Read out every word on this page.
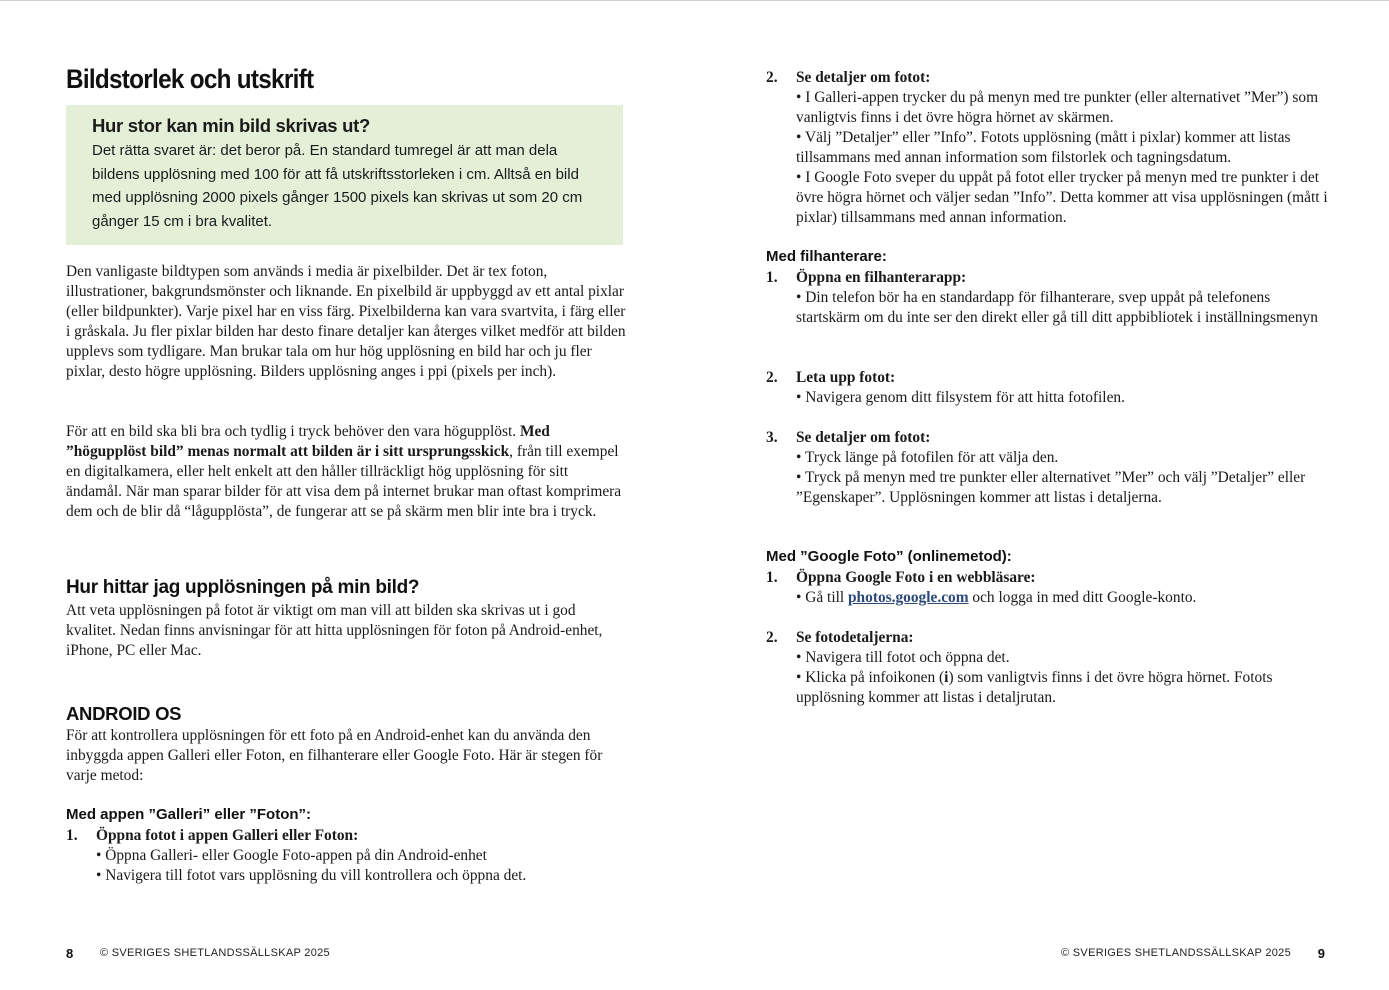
Bildstorlek och utskrift

Hur stor kan min bild skrivas ut?

Det rätta svaret är: det beror på. En standard tumregel är att man dela bildens upplösning med 100 för att få utskriftsstorleken i cm. Alltså en bild med upplösning 2000 pixels gånger 1500 pixels kan skrivas ut som 20 cm gånger 15 cm i bra kvalitet.

Den vanligaste bildtypen som används i media är pixelbilder. Det är tex foton, illustrationer, bakgrundsmönster och liknande. En pixelbild är uppbyggd av ett antal pixlar (eller bildpunkter). Varje pixel har en viss färg. Pixelbilderna kan vara svartvita, i färg eller i gråskala. Ju fler pixlar bilden har desto finare detaljer kan återges vilket medför att bilden upplevs som tydligare. Man brukar tala om hur hög upplösning en bild har och ju fler pixlar, desto högre upplösning. Bilders upplösning anges i ppi (pixels per inch).

För att en bild ska bli bra och tydlig i tryck behöver den vara högupplöst. Med ”högupplöst bild” menas normalt att bilden är i sitt ursprungsskick, från till exempel en digitalkamera, eller helt enkelt att den håller tillräckligt hög upplösning för sitt ändamål. När man sparar bilder för att visa dem på internet brukar man oftast komprimera dem och de blir då “lågupplösta”, de fungerar att se på skärm men blir inte bra i tryck.

Hur hittar jag upplösningen på min bild?

Att veta upplösningen på fotot är viktigt om man vill att bilden ska skrivas ut i god kvalitet. Nedan finns anvisningar för att hitta upplösningen för foton på Android-enhet, iPhone, PC eller Mac.

ANDROID OS

För att kontrollera upplösningen för ett foto på en Android-enhet kan du använda den inbyggda appen Galleri eller Foton, en filhanterare eller Google Foto. Här är stegen för varje metod:

Med appen ”Galleri” eller ”Foton”:

1.	Öppna fotot i appen Galleri eller Foton:
• Öppna Galleri- eller Google Foto-appen på din Android-enhet
• Navigera till fotot vars upplösning du vill kontrollera och öppna det.
8 © SVERIGES SHETLANDSSÄLLSKAP 2025
2.	Se detaljer om fotot:
• I Galleri-appen trycker du på menyn med tre punkter (eller alternativet ”Mer”) som vanligtvis finns i det övre högra hörnet av skärmen.
• Välj ”Detaljer” eller ”Info”. Fotots upplösning (mått i pixlar) kommer att listas tillsammans med annan information som filstorlek och tagningsdatum.
• I Google Foto sveper du uppåt på fotot eller trycker på menyn med tre punkter i det övre högra hörnet och väljer sedan ”Info”. Detta kommer att visa upplösningen (mått i pixlar) tillsammans med annan information.

Med filhanterare:

1.	Öppna en filhanterarapp:
• Din telefon bör ha en standardapp för filhanterare, svep uppåt på telefonens startskärm om du inte ser den direkt eller gå till ditt appbibliotek i inställningsmenyn
2.	Leta upp fotot:
• Navigera genom ditt filsystem för att hitta fotofilen.
3.	Se detaljer om fotot:
• Tryck länge på fotofilen för att välja den.
• Tryck på menyn med tre punkter eller alternativet ”Mer” och välj ”Detaljer” eller ”Egenskaper”. Upplösningen kommer att listas i detaljerna.

Med ”Google Foto” (onlinemetod):

1.	Öppna Google Foto i en webbläsare:
• Gå till photos.google.com och logga in med ditt Google-konto.
2.	Se fotodetaljerna:
• Navigera till fotot och öppna det.
• Klicka på infoikonen (i) som vanligtvis finns i det övre högra hörnet. Fotots upplösning kommer att listas i detaljrutan.
© SVERIGES SHETLANDSSÄLLSKAP 2025 9
